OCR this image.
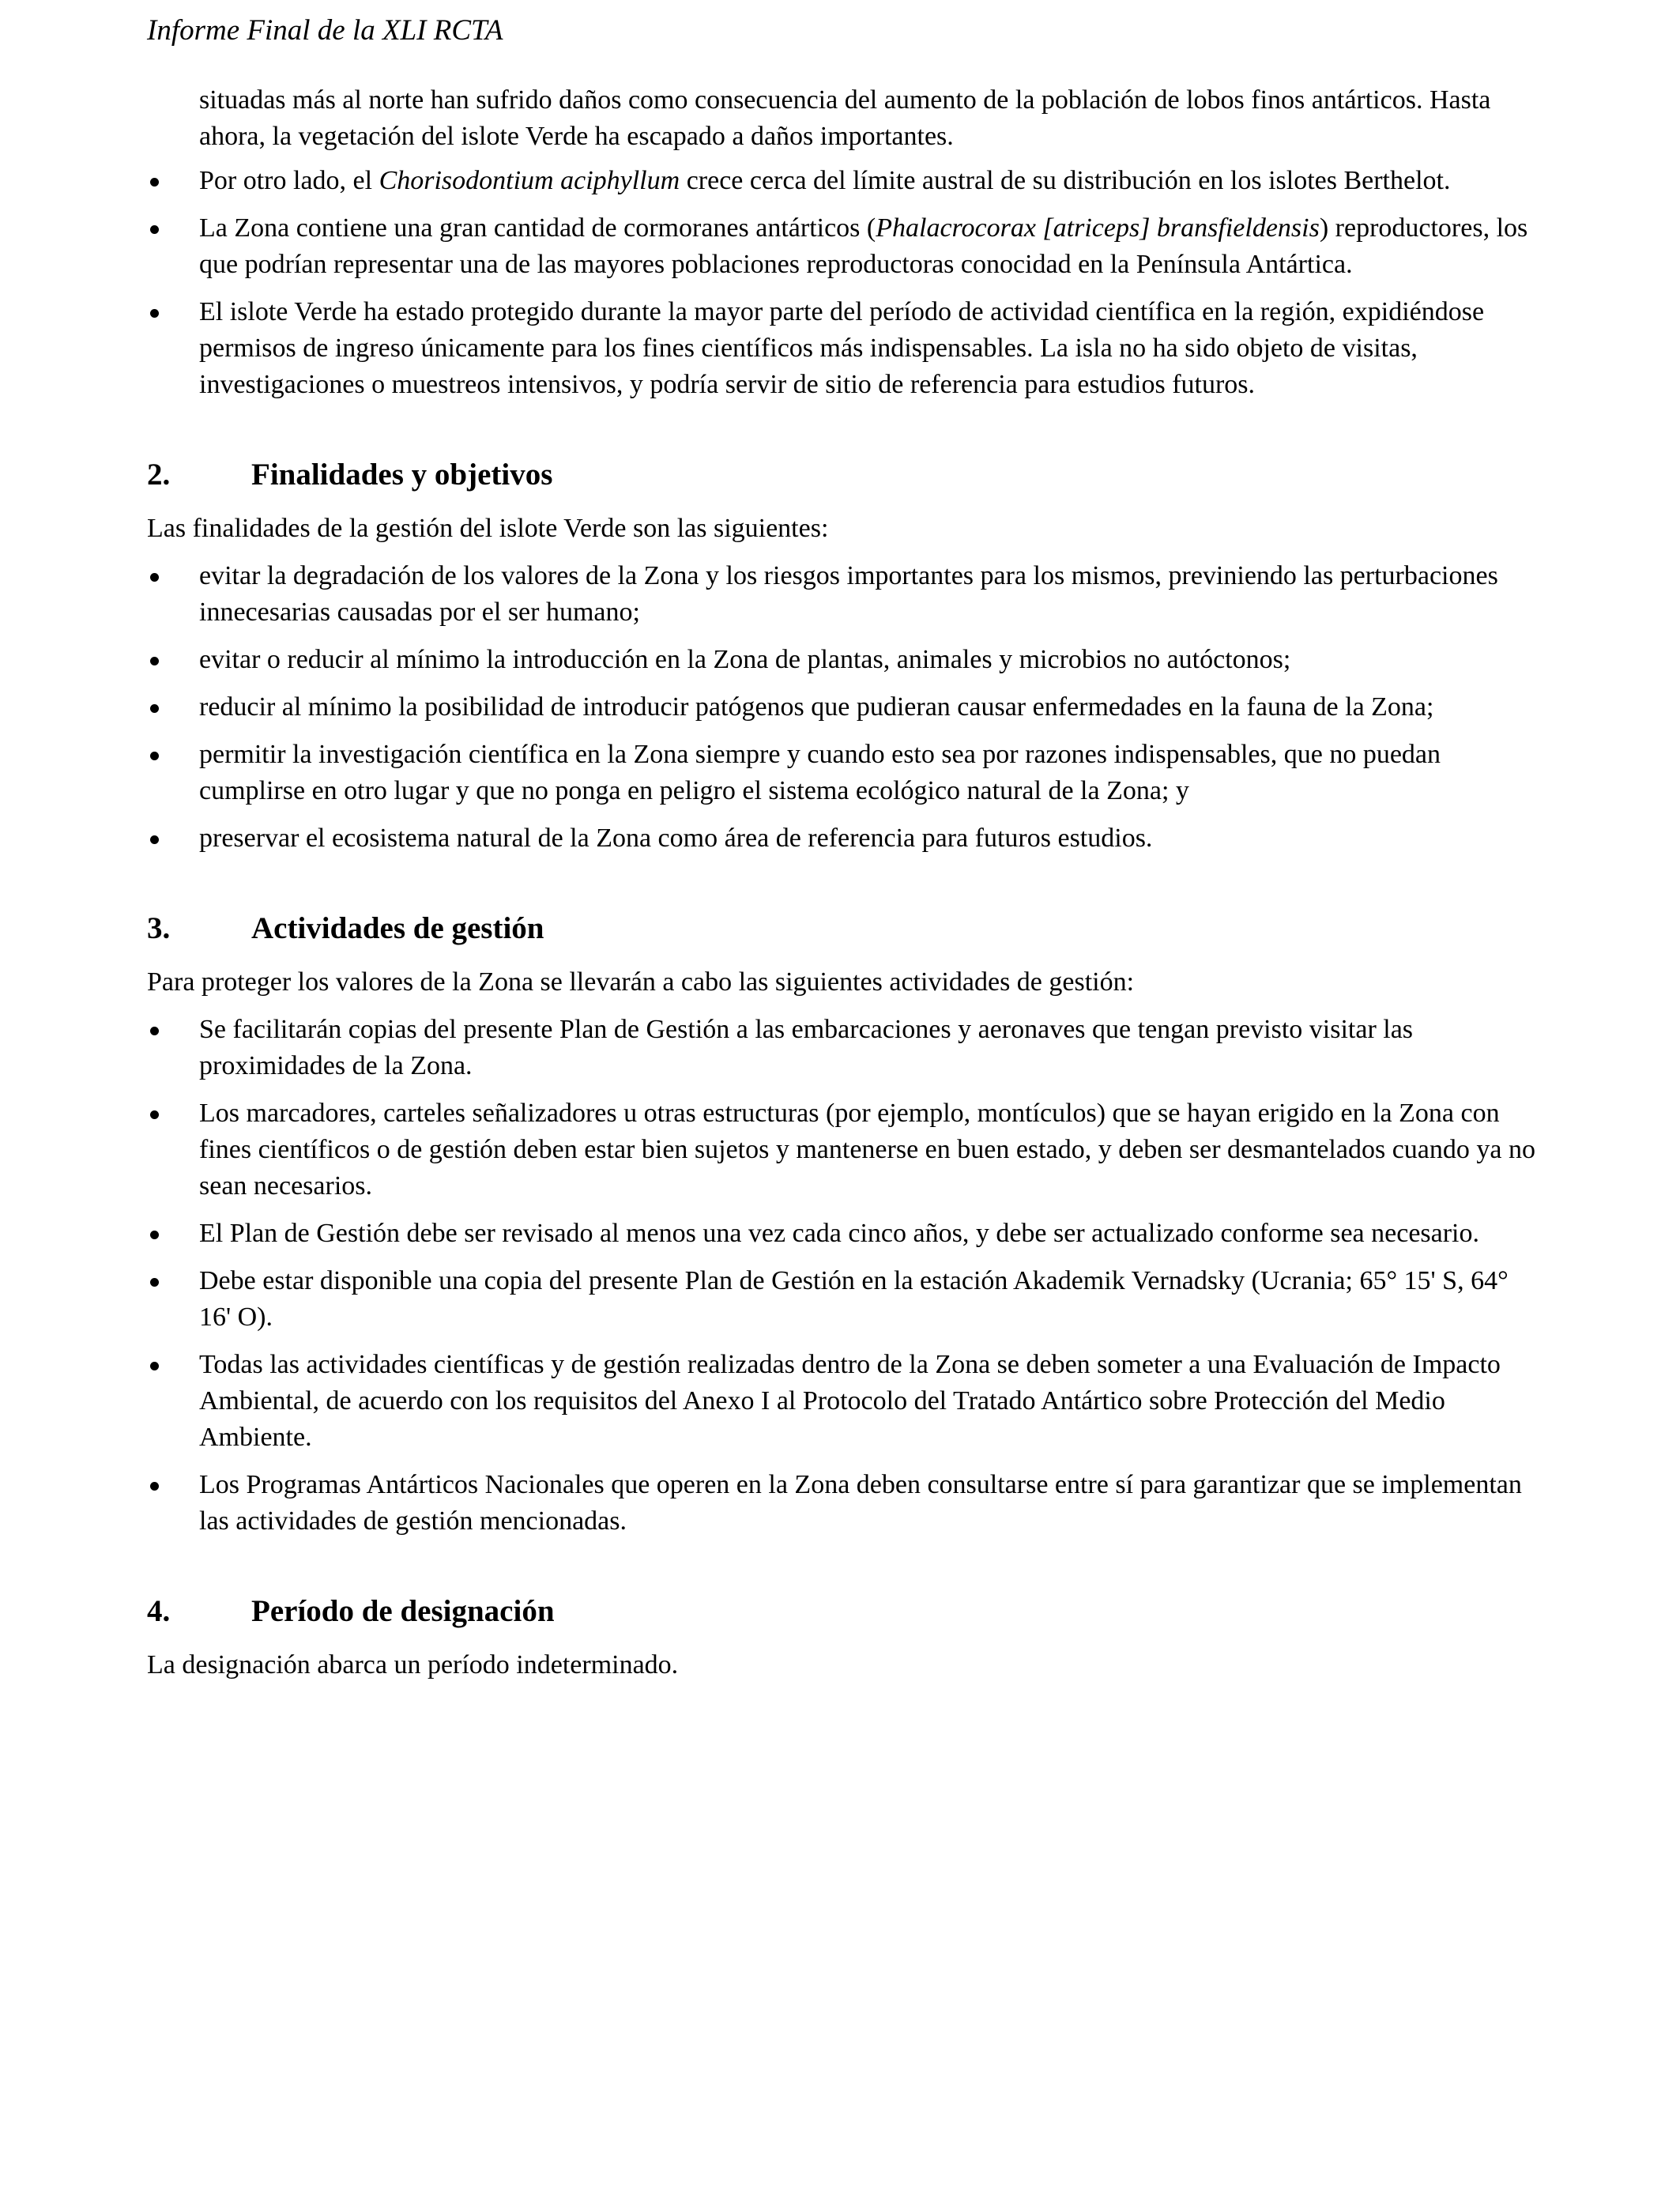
Informe Final de la XLI RCTA

situadas más al norte han sufrido daños como consecuencia del aumento de la población de lobos finos antárticos. Hasta ahora, la vegetación del islote Verde ha escapado a daños importantes.

Por otro lado, el Chorisodontium aciphyllum crece cerca del límite austral de su distribución en los islotes Berthelot.
La Zona contiene una gran cantidad de cormoranes antárticos (Phalacrocorax [atriceps] bransfieldensis) reproductores, los que podrían representar una de las mayores poblaciones reproductoras conocidad en la Península Antártica.
El islote Verde ha estado protegido durante la mayor parte del período de actividad científica en la región, expidiéndose permisos de ingreso únicamente para los fines científicos más indispensables. La isla no ha sido objeto de visitas, investigaciones o muestreos intensivos, y podría servir de sitio de referencia para estudios futuros.
2.	Finalidades y objetivos

Las finalidades de la gestión del islote Verde son las siguientes:

evitar la degradación de los valores de la Zona y los riesgos importantes para los mismos, previniendo las perturbaciones innecesarias causadas por el ser humano;
evitar o reducir al mínimo la introducción en la Zona de plantas, animales y microbios no autóctonos;
reducir al mínimo la posibilidad de introducir patógenos que pudieran causar enfermedades en la fauna de la Zona;
permitir la investigación científica en la Zona siempre y cuando esto sea por razones indispensables, que no puedan cumplirse en otro lugar y que no ponga en peligro el sistema ecológico natural de la Zona; y
preservar el ecosistema natural de la Zona como área de referencia para futuros estudios.
3.	Actividades de gestión

Para proteger los valores de la Zona se llevarán a cabo las siguientes actividades de gestión:

Se facilitarán copias del presente Plan de Gestión a las embarcaciones y aeronaves que tengan previsto visitar las proximidades de la Zona.
Los marcadores, carteles señalizadores u otras estructuras (por ejemplo, montículos) que se hayan erigido en la Zona con fines científicos o de gestión deben estar bien sujetos y mantenerse en buen estado, y deben ser desmantelados cuando ya no sean necesarios.
El Plan de Gestión debe ser revisado al menos una vez cada cinco años, y debe ser actualizado conforme sea necesario.
Debe estar disponible una copia del presente Plan de Gestión en la estación Akademik Vernadsky (Ucrania; 65° 15' S, 64° 16' O).
Todas las actividades científicas y de gestión realizadas dentro de la Zona se deben someter a una Evaluación de Impacto Ambiental, de acuerdo con los requisitos del Anexo I al Protocolo del Tratado Antártico sobre Protección del Medio Ambiente.
Los Programas Antárticos Nacionales que operen en la Zona deben consultarse entre sí para garantizar que se implementan las actividades de gestión mencionadas.
4.	Período de designación

La designación abarca un período indeterminado.
